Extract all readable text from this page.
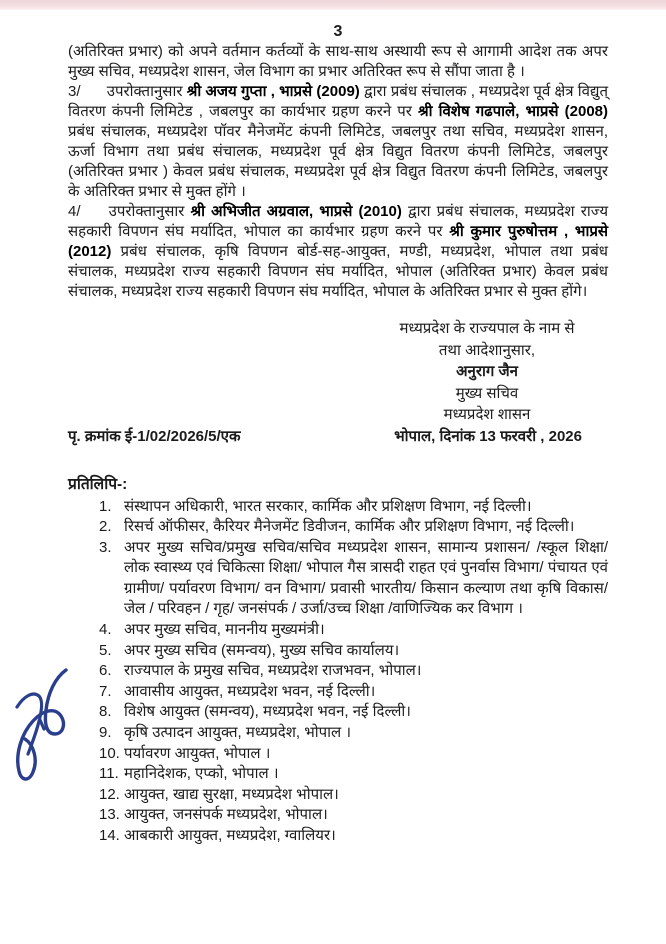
3

(अतिरिक्त प्रभार) को अपने वर्तमान कर्तव्यों के साथ-साथ अस्थायी रूप से आगामी आदेश तक अपर मुख्य सचिव, मध्यप्रदेश शासन, जेल विभाग का प्रभार अतिरिक्त रूप से सौंपा जाता है ।

3/ उपरोक्तानुसार श्री अजय गुप्ता , भाप्रसे (2009) द्वारा प्रबंध संचालक , मध्यप्रदेश पूर्व क्षेत्र विद्युत् वितरण कंपनी लिमिटेड , जबलपुर का कार्यभार ग्रहण करने पर श्री विशेष गढपाले, भाप्रसे (2008) प्रबंध संचालक, मध्यप्रदेश पॉवर मैनेजमेंट कंपनी लिमिटेड, जबलपुर तथा सचिव, मध्यप्रदेश शासन, ऊर्जा विभाग तथा प्रबंध संचालक, मध्यप्रदेश पूर्व क्षेत्र विद्युत वितरण कंपनी लिमिटेड, जबलपुर (अतिरिक्त प्रभार ) केवल प्रबंध संचालक, मध्यप्रदेश पूर्व क्षेत्र विद्युत वितरण कंपनी लिमिटेड, जबलपुर के अतिरिक्त प्रभार से मुक्त होंगे ।

4/ उपरोक्तानुसार श्री अभिजीत अग्रवाल, भाप्रसे (2010) द्वारा प्रबंध संचालक, मध्यप्रदेश राज्य सहकारी विपणन संघ मर्यादित, भोपाल का कार्यभार ग्रहण करने पर श्री कुमार पुरुषोत्तम , भाप्रसे (2012) प्रबंध संचालक, कृषि विपणन बोर्ड-सह-आयुक्त, मण्डी, मध्यप्रदेश, भोपाल तथा प्रबंध संचालक, मध्यप्रदेश राज्य सहकारी विपणन संघ मर्यादित, भोपाल (अतिरिक्त प्रभार) केवल प्रबंध संचालक, मध्यप्रदेश राज्य सहकारी विपणन संघ मर्यादित, भोपाल के अतिरिक्त प्रभार से मुक्त होंगे।

मध्यप्रदेश के राज्यपाल के नाम से
तथा आदेशानुसार,
अनुराग जैन
मुख्य सचिव
मध्यप्रदेश शासन
पृ. क्रमांक ई-1/02/2026/5/एक	भोपाल, दिनांक 13 फरवरी , 2026
प्रतिलिपि-:
1. संस्थापन अधिकारी, भारत सरकार, कार्मिक और प्रशिक्षण विभाग, नई दिल्ली।
2. रिसर्च ऑफीसर, कैरियर मैनेजमेंट डिवीजन, कार्मिक और प्रशिक्षण विभाग, नई दिल्ली।
3. अपर मुख्य सचिव/प्रमुख सचिव/सचिव मध्यप्रदेश शासन, सामान्य प्रशासन/ /स्कूल शिक्षा/ लोक स्वास्थ्य एवं चिकित्सा शिक्षा/ भोपाल गैस त्रासदी राहत एवं पुनर्वास विभाग/ पंचायत एवं ग्रामीण/ पर्यावरण विभाग/ वन विभाग/ प्रवासी भारतीय/ किसान कल्याण तथा कृषि विकास/ जेल / परिवहन / गृह/ जनसंपर्क / उर्जा/उच्च शिक्षा /वाणिज्यिक कर विभाग ।
4. अपर मुख्य सचिव, माननीय मुख्यमंत्री।
5. अपर मुख्य सचिव (समन्वय), मुख्य सचिव कार्यालय।
6. राज्यपाल के प्रमुख सचिव, मध्यप्रदेश राजभवन, भोपाल।
7. आवासीय आयुक्त, मध्यप्रदेश भवन, नई दिल्ली।
8. विशेष आयुक्त (समन्वय), मध्यप्रदेश भवन, नई दिल्ली।
9. कृषि उत्पादन आयुक्त, मध्यप्रदेश, भोपाल ।
10. पर्यावरण आयुक्त, भोपाल ।
11. महानिदेशक, एप्को, भोपाल ।
12. आयुक्त, खाद्य सुरक्षा, मध्यप्रदेश भोपाल।
13. आयुक्त, जनसंपर्क मध्यप्रदेश, भोपाल।
14. आबकारी आयुक्त, मध्यप्रदेश, ग्वालियर।
